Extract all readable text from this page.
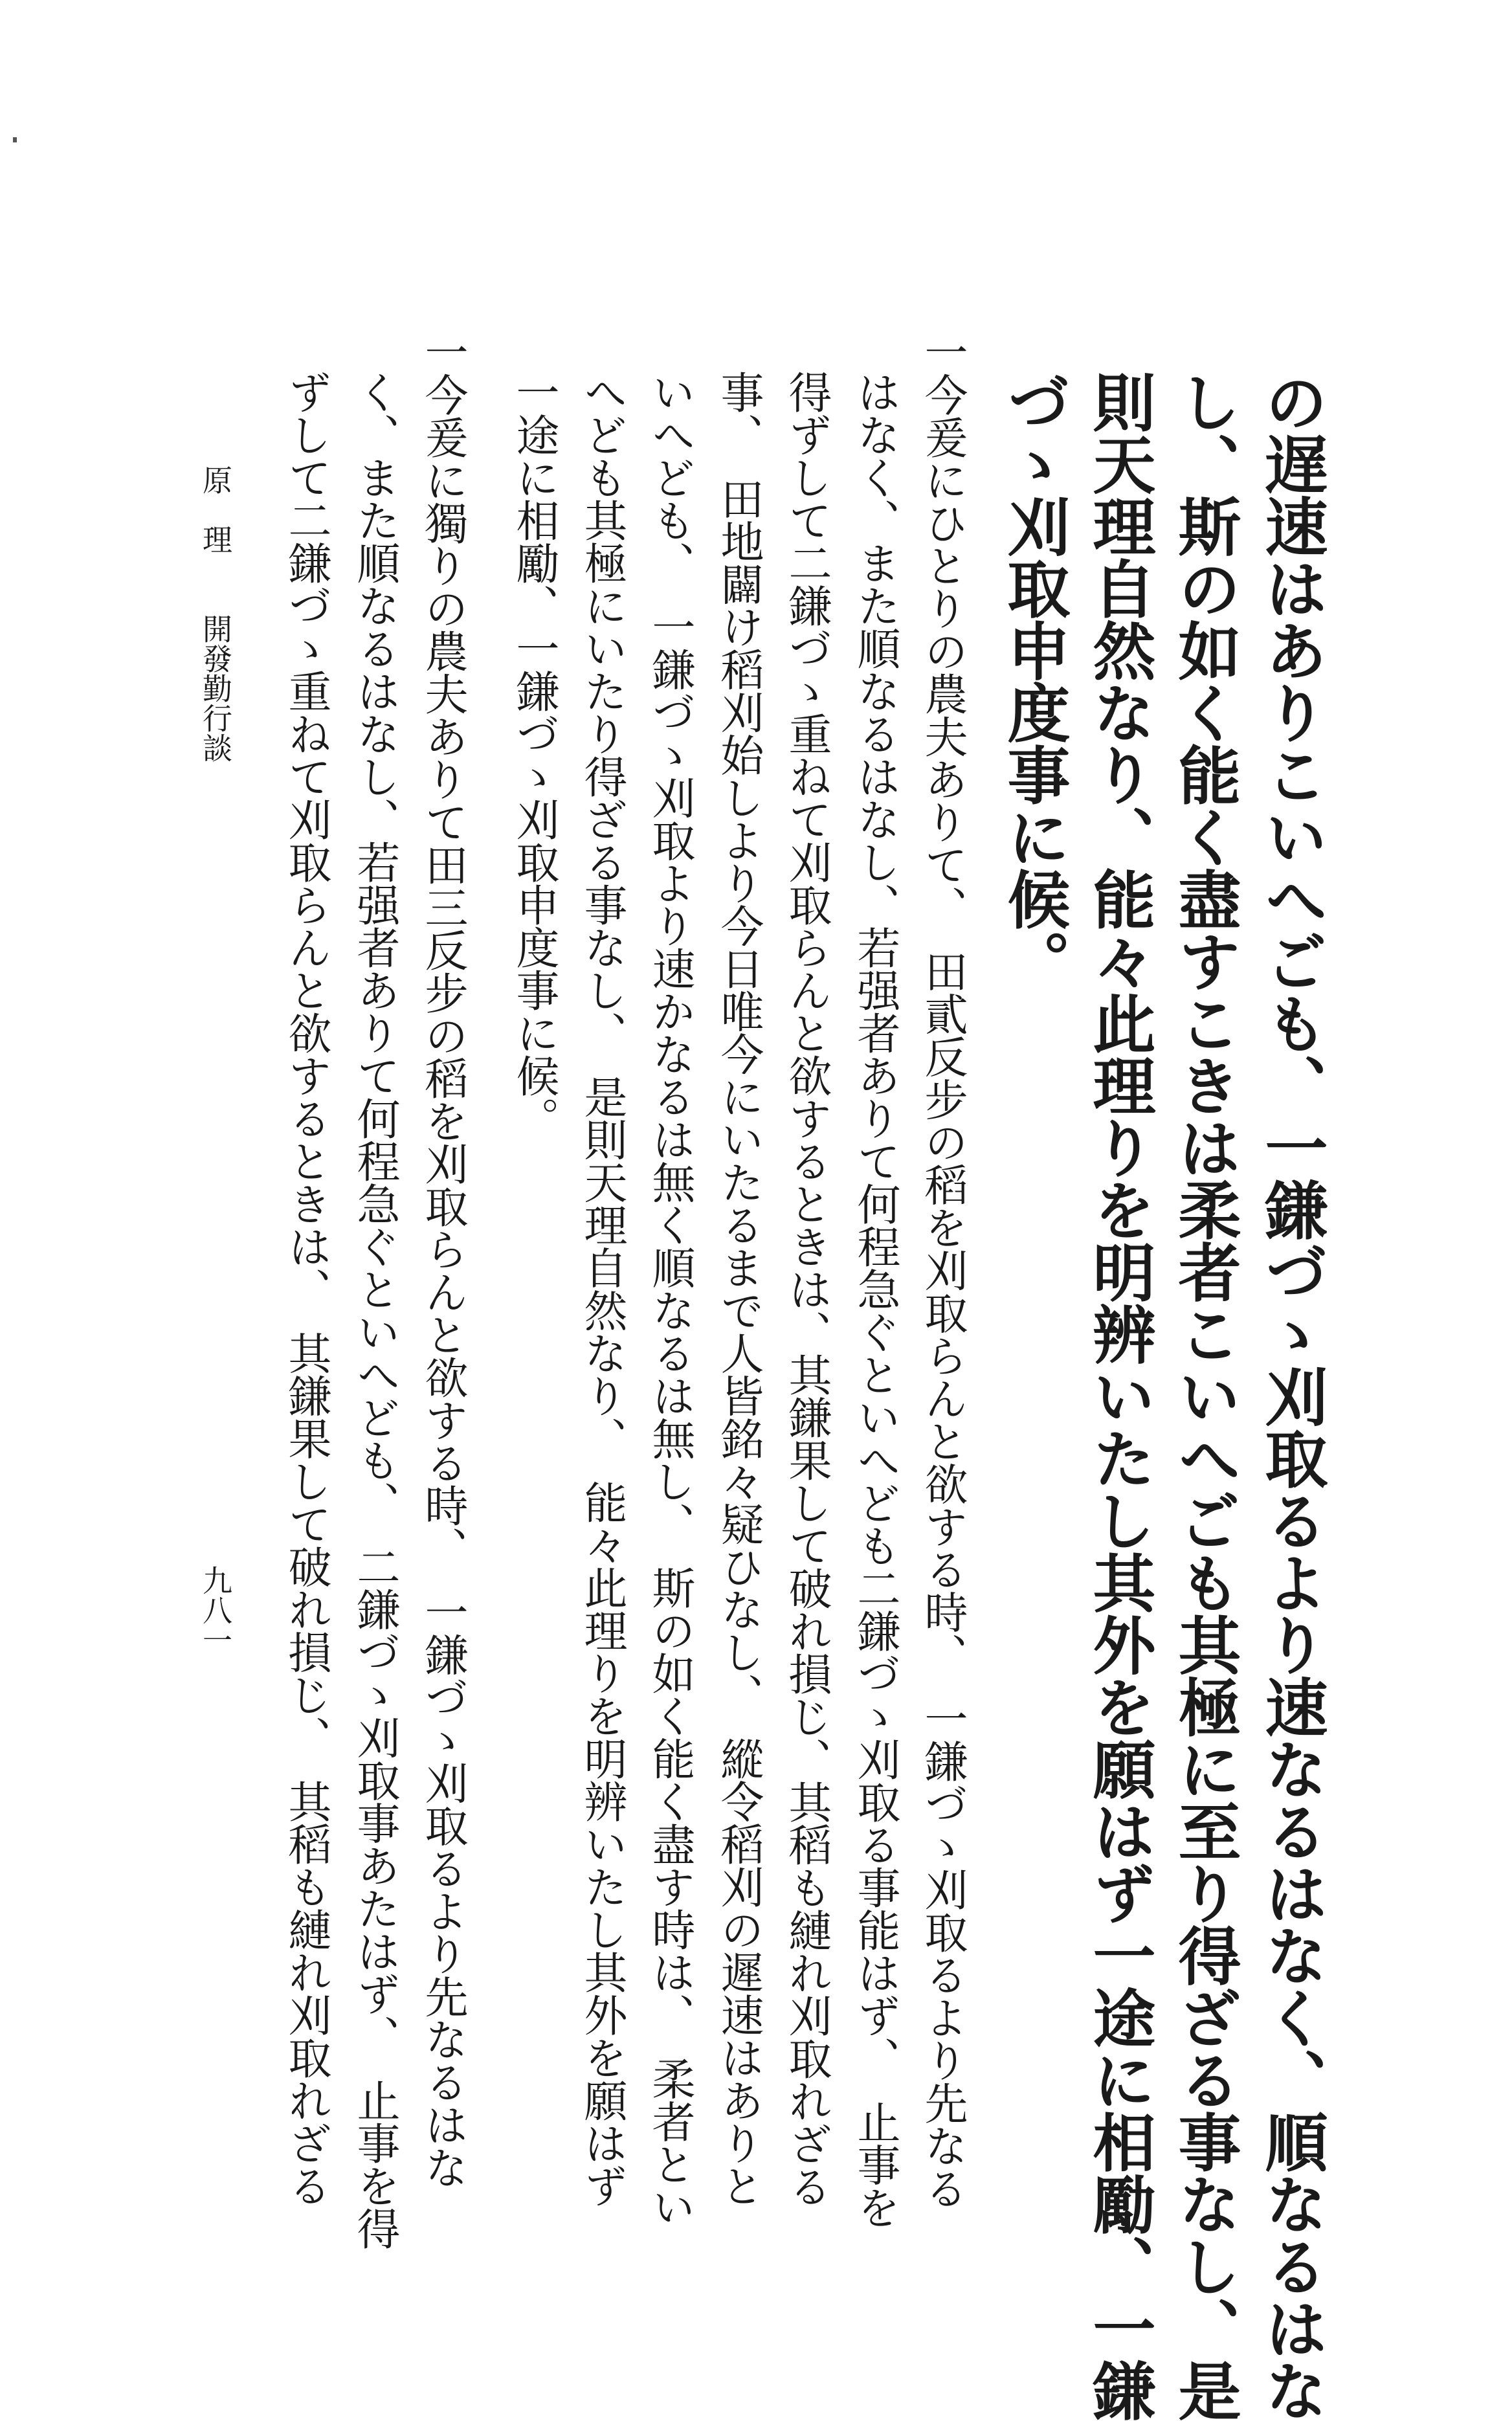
の遅速はありこいへごも、一鎌づゝ刈取るより速なるはなく、順なるはな

し、斯の如く能く盡すこきは柔者こいへごも其極に至り得ざる事なし、是

則天理自然なり、能々此理りを明辨いたし其外を願はず一途に相勵、一鎌

づゝ刈取申度事に候。

一今爰にひとりの農夫ありて、　田貳反步の稻を刈取らんと欲する時、　一鎌づゝ刈取るより先なる

はなく、また順なるはなし、若强者ありて何程急ぐといへども二鎌づゝ刈取る事能はず、　止事を

得ずして二鎌づゝ重ねて刈取らんと欲するときは、其鎌果して破れ損じ、其稻も縺れ刈取れざる

事、　田地闢け稻刈始しより今日唯今にいたるまで人皆銘々疑ひなし、　縱令稻刈の遲速はありと

いへども、　一鎌づゝ刈取より速かなるは無く順なるは無し、　斯の如く能く盡す時は、　柔者とい

へども其極にいたり得ざる事なし、　是則天理自然なり、　能々此理りを明辨いたし其外を願はず

一途に相勵、一鎌づゝ刈取申度事に候。

一今爰に獨りの農夫ありて田三反步の稻を刈取らんと欲する時、　一鎌づゝ刈取るより先なるはな

く、また順なるはなし、若强者ありて何程急ぐといへども、　二鎌づゝ刈取事あたはず、　止事を得

ずして二鎌づゝ重ねて刈取らんと欲するときは、　其鎌果して破れ損じ、　其稻も縺れ刈取れざる

原　理　　開發勤行談
九八一
